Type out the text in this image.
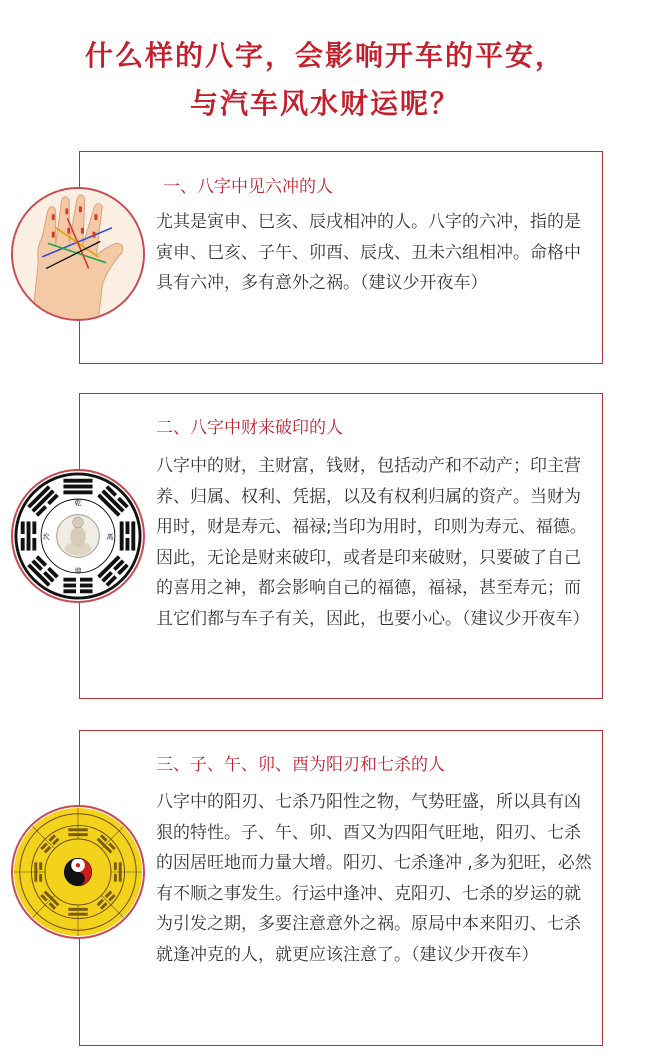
什么样的八字，会影响开车的平安，
与汽车风水财运呢？

一、八字中见六冲的人

尤其是寅申、巳亥、辰戌相冲的人。八字的六冲，指的是寅申、巳亥、子午、卯酉、辰戌、丑未六组相冲。命格中具有六冲，多有意外之祸。（建议少开夜车）

二、八字中财来破印的人

八字中的财，主财富，钱财，包括动产和不动产；印主营养、归属、权利、凭据，以及有权利归属的资产。当财为用时，财是寿元、福禄;当印为用时，印则为寿元、福德。因此，无论是财来破印，或者是印来破财，只要破了自己的喜用之神，都会影响自己的福德，福禄，甚至寿元；而且它们都与车子有关，因此，也要小心。（建议少开夜车）

乾
坤
坎	离

三、子、午、卯、酉为阳刃和七杀的人

八字中的阳刃、七杀乃阳性之物，气势旺盛，所以具有凶狠的特性。子、午、卯、酉又为四阳气旺地，阳刃、七杀的因居旺地而力量大增。阳刃、七杀逢冲 ,多为犯旺，必然有不顺之事发生。行运中逢冲、克阳刃、七杀的岁运的就为引发之期，多要注意意外之祸。原局中本来阳刃、七杀就逢冲克的人，就更应该注意了。（建议少开夜车）

· · ·
· · ·
